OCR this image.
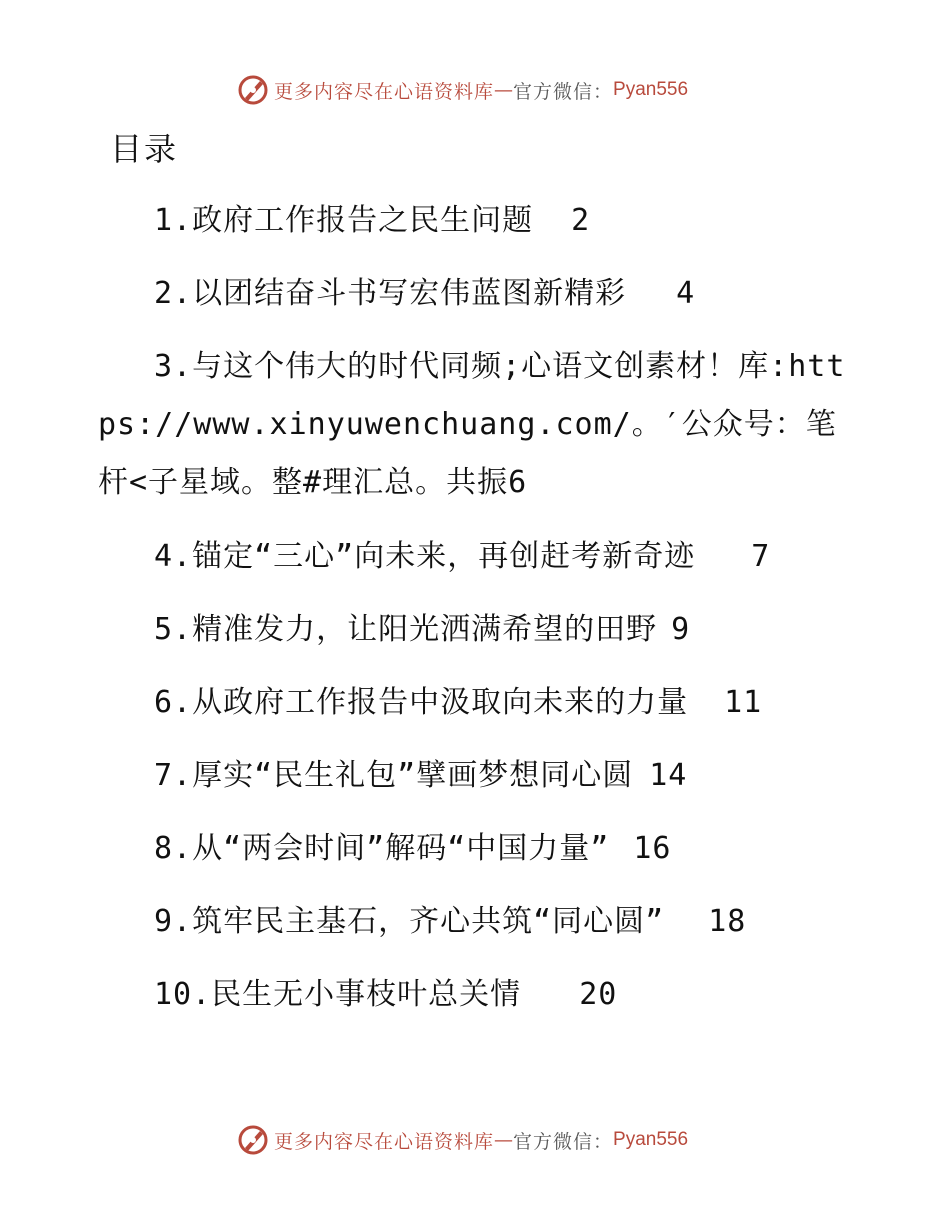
更多内容尽在心语资料库 — 官方微信： Pyan556
目录
1.政府工作报告之民生问题 2
2.以团结奋斗书写宏伟蓝图新精彩 4
3.与这个伟大的时代同频;心语文创素材！库:https://www.xinyuwenchuang.com/。′公众号：笔杆<子星域。整#理汇总。共振6
4.锚定“三心”向未来，再创赶考新奇迹 7
5.精准发力，让阳光洒满希望的田野 9
6.从政府工作报告中汲取向未来的力量 11
7.厚实“民生礼包”擘画梦想同心圆 14
8.从“两会时间”解码“中国力量” 16
9.筑牢民主基石，齐心共筑“同心圆” 18
10.民生无小事枝叶总关情 20
更多内容尽在心语资料库 — 官方微信： Pyan556
